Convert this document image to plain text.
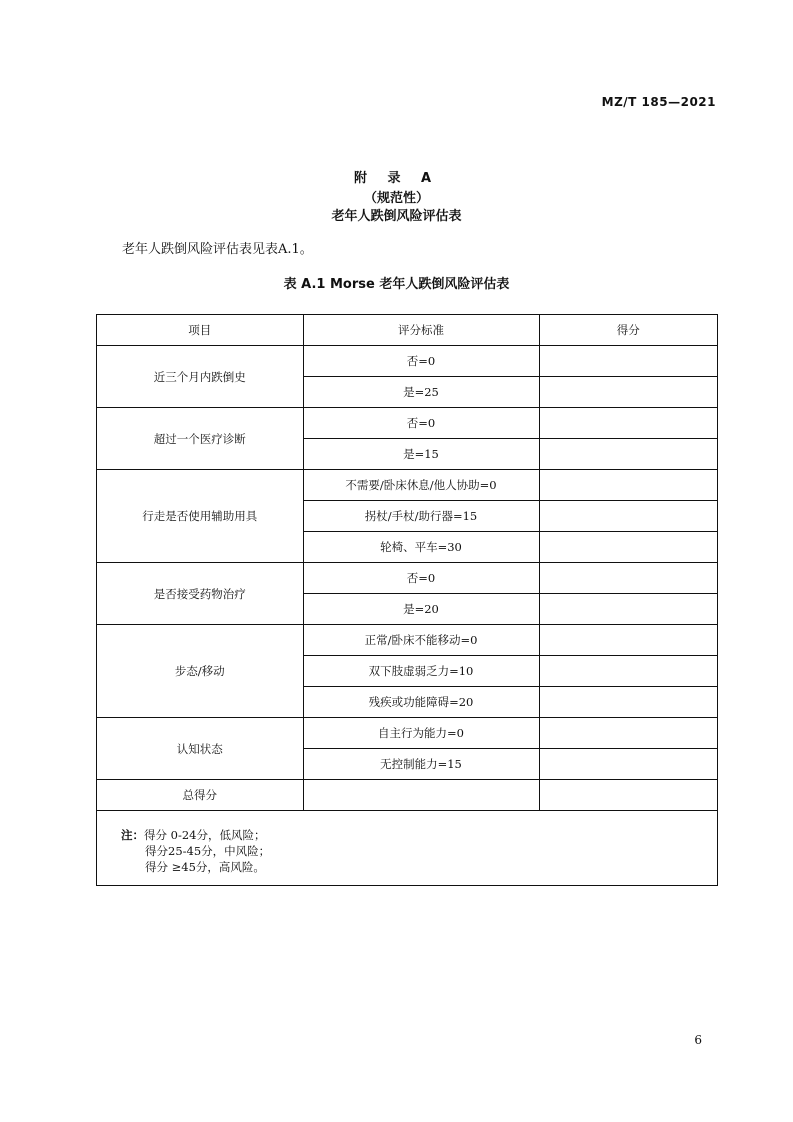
MZ/T 185—2021
附 录 A
（规范性）
老年人跌倒风险评估表
老年人跌倒风险评估表见表A.1。
表 A.1 Morse 老年人跌倒风险评估表
项目	评分标准	得分
近三个月内跌倒史	否=0	
	是=25	
超过一个医疗诊断	否=0	
	是=15	
行走是否使用辅助用具	不需要/卧床休息/他人协助=0	
	拐杖/手杖/助行器=15	
	轮椅、平车=30	
是否接受药物治疗	否=0	
	是=20	
步态/移动	正常/卧床不能移动=0	
	双下肢虚弱乏力=10	
	残疾或功能障碍=20	
认知状态	自主行为能力=0	
	无控制能力=15	
总得分		
注：得分 0-24分，低风险；
得分25-45分，中风险；
得分 ≥45分，高风险。
6
